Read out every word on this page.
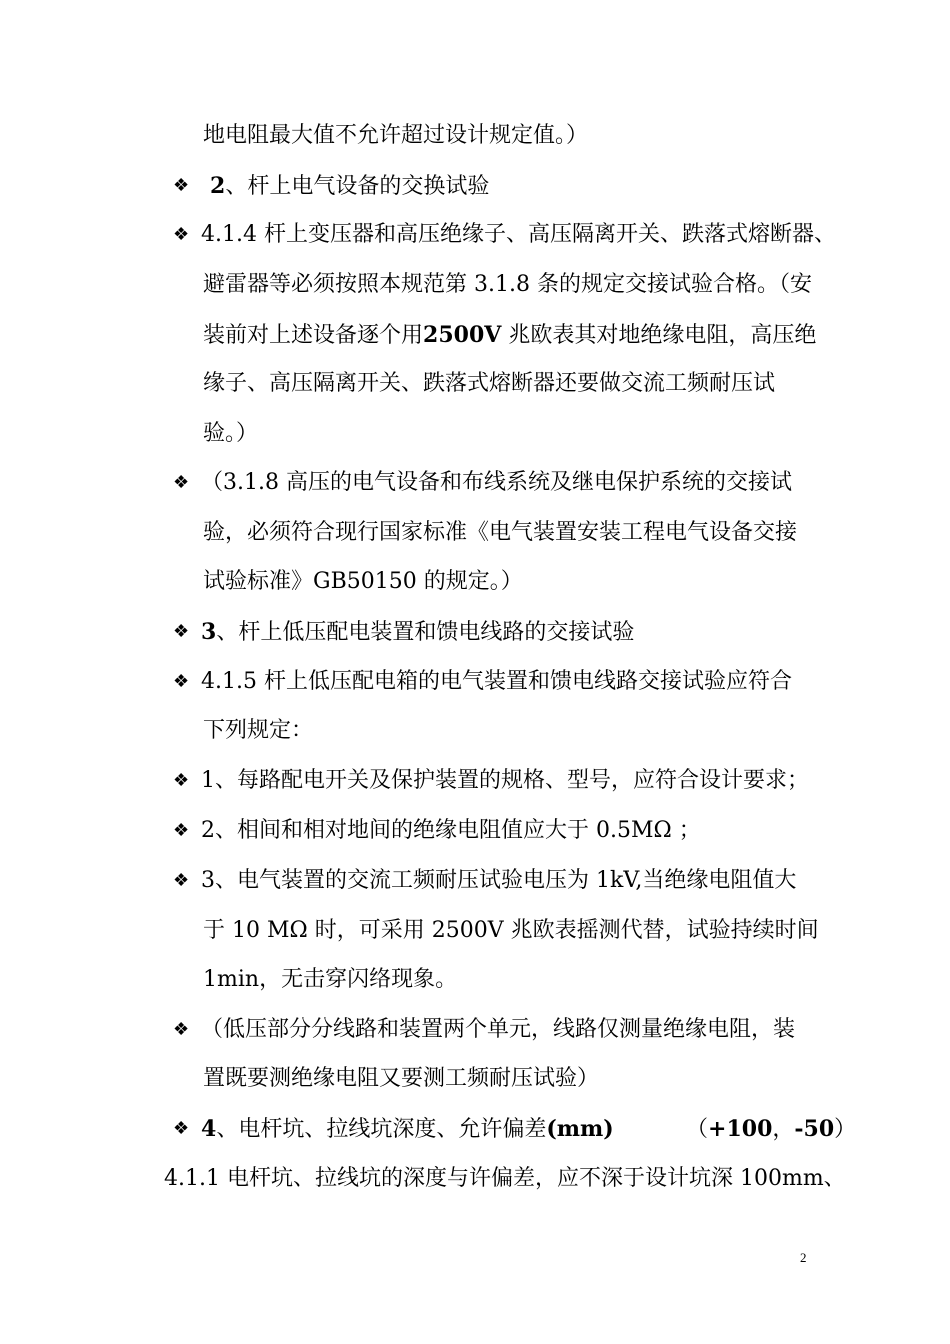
地电阻最大值不允许超过设计规定值。）
❖ 2、杆上电气设备的交换试验
❖ 4.1.4 杆上变压器和高压绝缘子、高压隔离开关、跌落式熔断器、
避雷器等必须按照本规范第 3.1.8 条的规定交接试验合格。（安
装前对上述设备逐个用2500V 兆欧表其对地绝缘电阻，高压绝
缘子、高压隔离开关、跌落式熔断器还要做交流工频耐压试
验。）
❖ （3.1.8 高压的电气设备和布线系统及继电保护系统的交接试
验，必须符合现行国家标准《电气装置安装工程电气设备交接
试验标准》GB50150 的规定。）
❖ 3、杆上低压配电装置和馈电线路的交接试验
❖ 4.1.5 杆上低压配电箱的电气装置和馈电线路交接试验应符合
下列规定：
❖ 1、每路配电开关及保护装置的规格、型号，应符合设计要求；
❖ 2、相间和相对地间的绝缘电阻值应大于 0.5MΩ ；
❖ 3、电气装置的交流工频耐压试验电压为 1kV,当绝缘电阻值大
于 10 MΩ 时，可采用 2500V 兆欧表摇测代替，试验持续时间
1min，无击穿闪络现象。
❖ （低压部分分线路和装置两个单元，线路仅测量绝缘电阻，装
置既要测绝缘电阻又要测工频耐压试验）
❖ 4、电杆坑、拉线坑深度、允许偏差(mm)	（+100，-50）
4.1.1 电杆坑、拉线坑的深度与许偏差，应不深于设计坑深 100mm、
2
